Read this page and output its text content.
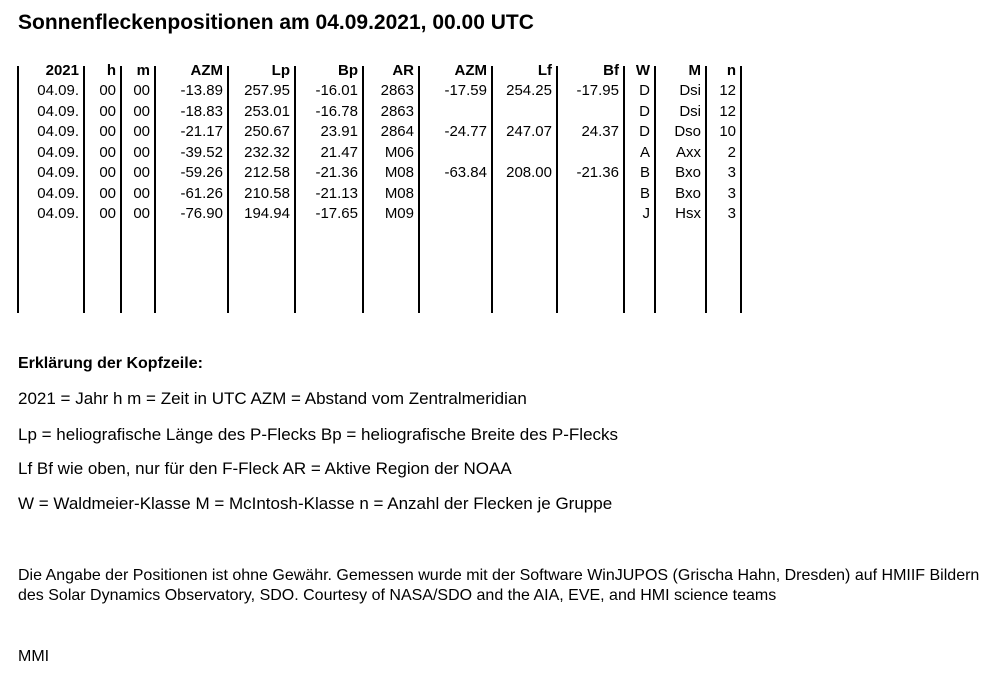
Sonnenfleckenpositionen am 04.09.2021, 00.00 UTC
2021 h m	AZM	Lp	Bp AR	AZM	Lf	Bf W	M n
04.09. 00 00 -13.89 257.95 -16.01 2863 -17.59 254.25 -17.95 D Dsi 12
04.09. 00 00 -18.83 253.01 -16.78 2863	D Dsi 12
04.09. 00 00 -21.17 250.67 23.91 2864 -24.77 247.07 24.37 D Dso 10
04.09. 00 00 -39.52 232.32 21.47 M06	A Axx 2
04.09. 00 00 -59.26 212.58 -21.36 M08 -63.84 208.00 -21.36 B Bxo 3
04.09. 00 00 -61.26 210.58 -21.13 M08	B Bxo 3
04.09. 00 00 -76.90 194.94 -17.65 M09	J Hsx 3
Erklärung der Kopfzeile:
2021 = Jahr h m = Zeit in UTC AZM = Abstand vom Zentralmeridian
Lp = heliografische Länge des P-Flecks Bp = heliografische Breite des P-Flecks
Lf Bf wie oben, nur für den F-Fleck AR = Aktive Region der NOAA
W = Waldmeier-Klasse M = McIntosh-Klasse n = Anzahl der Flecken je Gruppe
Die Angabe der Positionen ist ohne Gewähr. Gemessen wurde mit der Software WinJUPOS (Grischa Hahn, Dresden) auf HMIIF Bildern des Solar Dynamics Observatory, SDO. Courtesy of NASA/SDO and the AIA, EVE, and HMI science teams
MMI
